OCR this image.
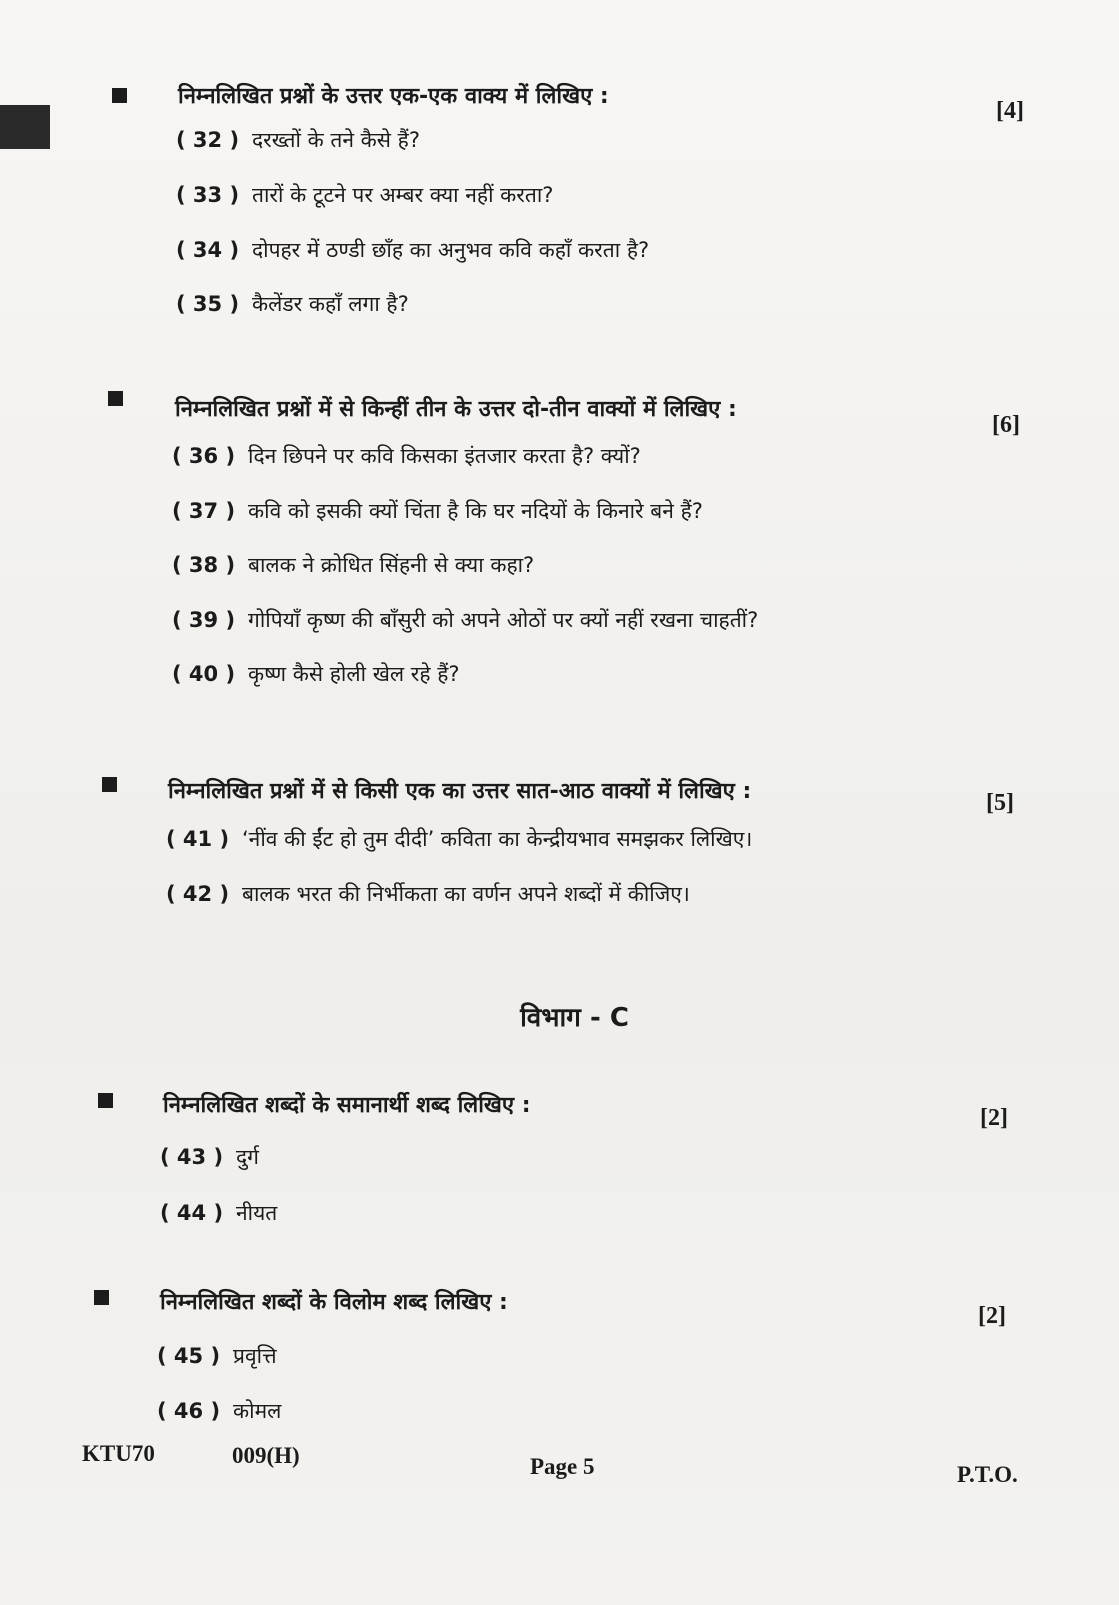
निम्नलिखित प्रश्नों के उत्तर एक-एक वाक्य में लिखिए :
[4]
( 32 ) दरख्तों के तने कैसे हैं?
( 33 ) तारों के टूटने पर अम्बर क्या नहीं करता?
( 34 ) दोपहर में ठण्डी छाँह का अनुभव कवि कहाँ करता है?
( 35 ) कैलेंडर कहाँ लगा है?
निम्नलिखित प्रश्नों में से किन्हीं तीन के उत्तर दो-तीन वाक्यों में लिखिए :
[6]
( 36 ) दिन छिपने पर कवि किसका इंतजार करता है? क्यों?
( 37 ) कवि को इसकी क्यों चिंता है कि घर नदियों के किनारे बने हैं?
( 38 ) बालक ने क्रोधित सिंहनी से क्या कहा?
( 39 ) गोपियाँ कृष्ण की बाँसुरी को अपने ओठों पर क्यों नहीं रखना चाहतीं?
( 40 ) कृष्ण कैसे होली खेल रहे हैं?
निम्नलिखित प्रश्नों में से किसी एक का उत्तर सात-आठ वाक्यों में लिखिए :	[5]
( 41 ) ‘नींव की ईंट हो तुम दीदी’ कविता का केन्द्रीयभाव समझकर लिखिए।
( 42 ) बालक भरत की निर्भीकता का वर्णन अपने शब्दों में कीजिए।
विभाग - C
निम्नलिखित शब्दों के समानार्थी शब्द लिखिए :	[2]
( 43 ) दुर्ग
( 44 ) नीयत
निम्नलिखित शब्दों के विलोम शब्द लिखिए :
[2]
( 45 ) प्रवृत्ति
( 46 ) कोमल
KTU70	009(H)	Page 5	P.T.O.
